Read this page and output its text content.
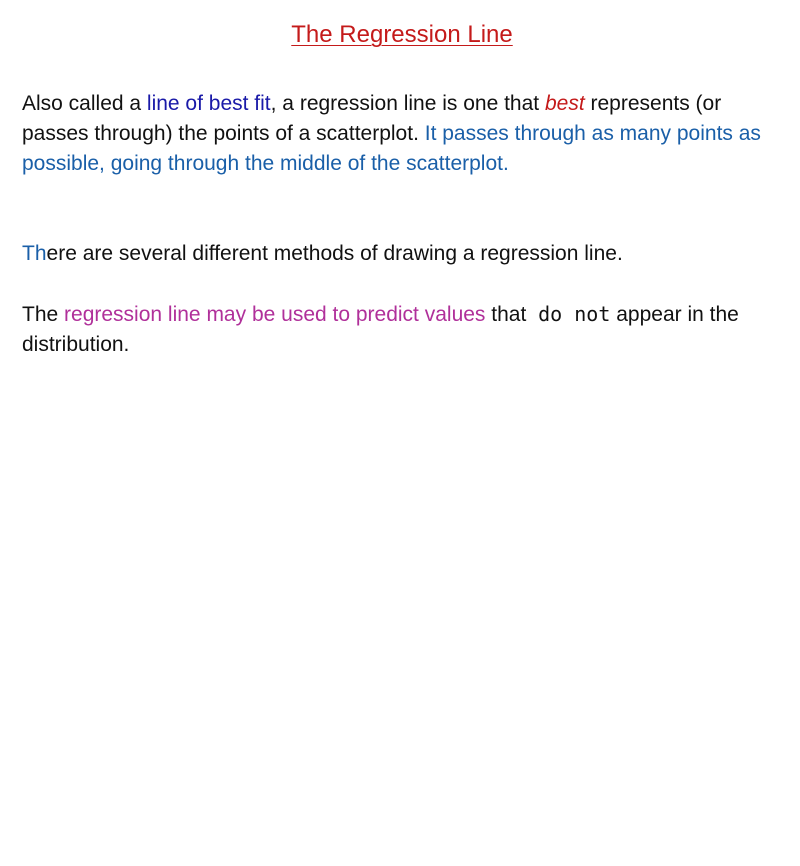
The Regression Line

Also called a line of best fit, a regression line is one that best represents (or passes through) the points of a scatterplot. It passes through as many points as possible, going through the middle of the scatterplot.

There are several different methods of drawing a regression line.

The regression line may be used to predict values that do not appear in the distribution.
